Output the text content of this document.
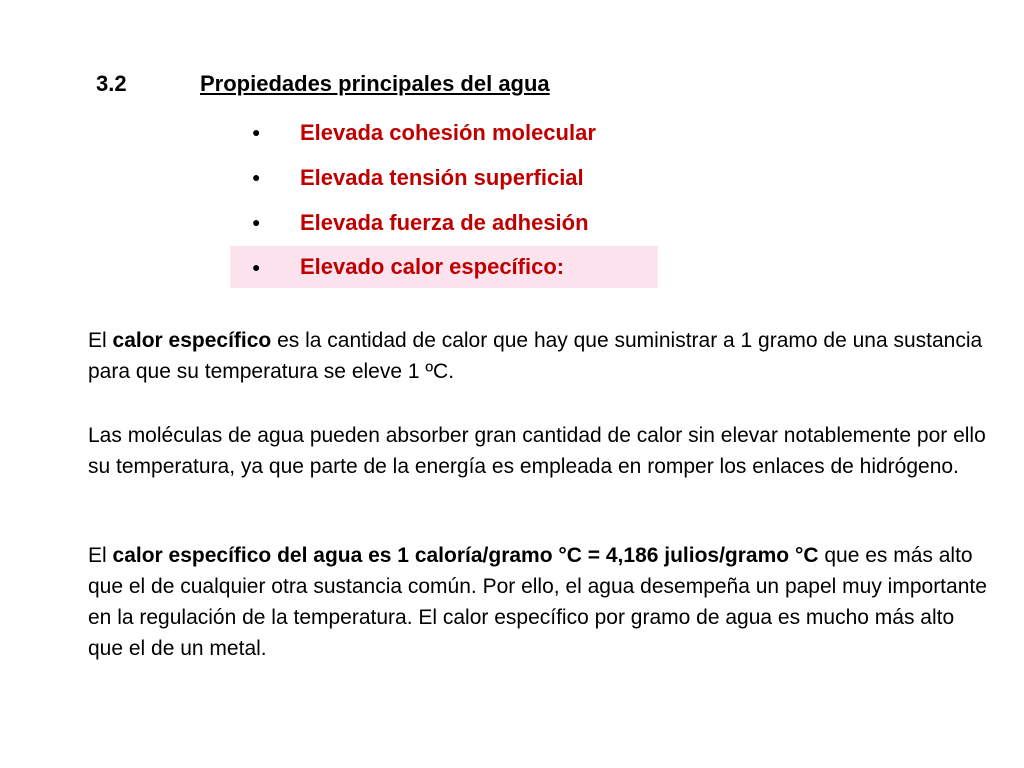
3.2	Propiedades principales del agua
● Elevada cohesión molecular
● Elevada tensión superficial
● Elevada fuerza de adhesión
● Elevado calor específico:

El calor específico es la cantidad de calor que hay que suministrar a 1 gramo de una sustancia para que su temperatura se eleve 1 ºC.

Las moléculas de agua pueden absorber gran cantidad de calor sin elevar notablemente por ello su temperatura, ya que parte de la energía es empleada en romper los enlaces de hidrógeno.

El calor específico del agua es 1 caloría/gramo °C = 4,186 julios/gramo °C que es más alto que el de cualquier otra sustancia común. Por ello, el agua desempeña un papel muy importante en la regulación de la temperatura. El calor específico por gramo de agua es mucho más alto que el de un metal.
